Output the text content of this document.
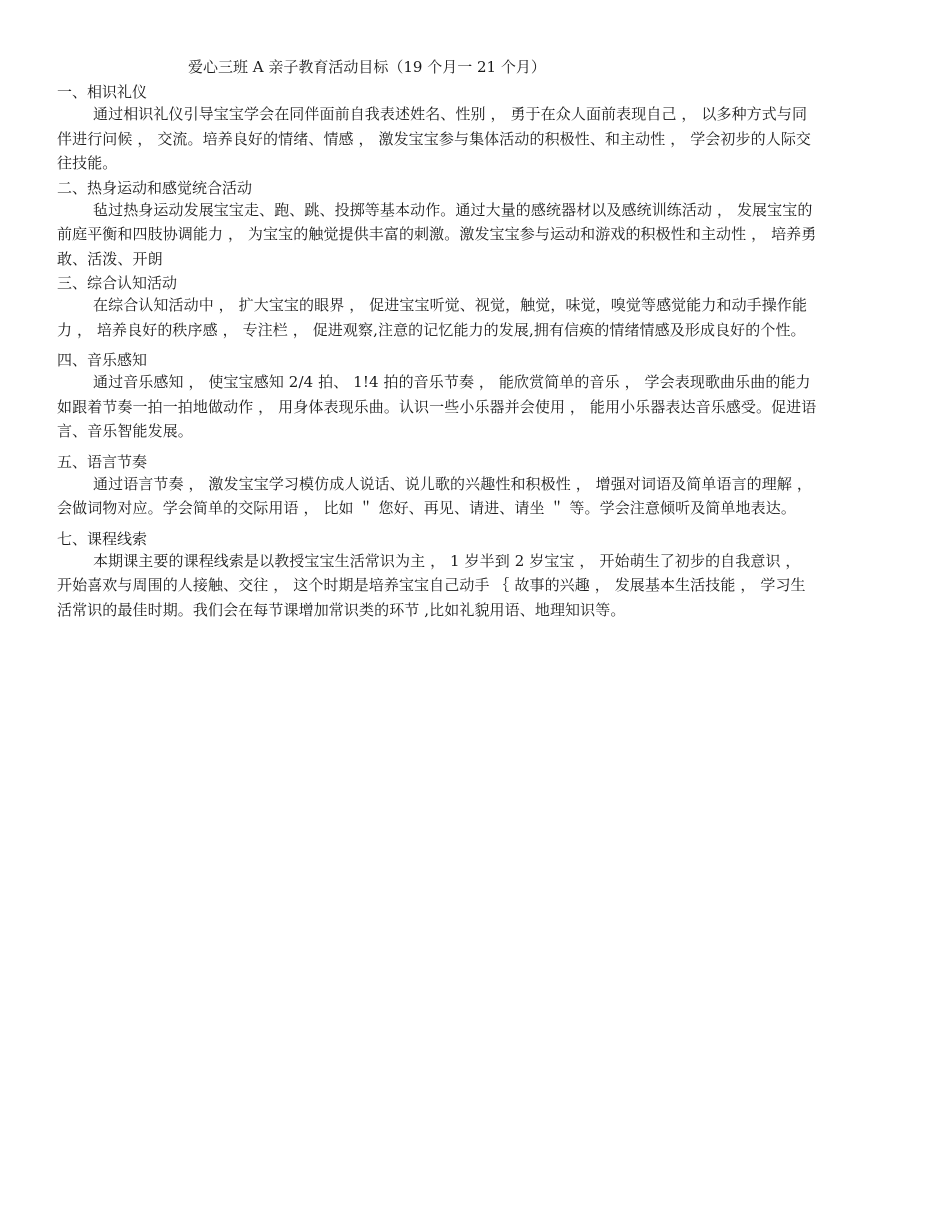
爱心三班 A 亲子教育活动目标（19 个月一 21 个月）
一、相识礼仪

通过相识礼仪引导宝宝学会在同伴面前自我表述姓名、性别 ， 勇于在众人面前表现自己 ， 以多种方式与同伴进行问候 ， 交流。培养良好的情绪、情感 ， 激发宝宝参与集体活动的积极性、和主动性 ， 学会初步的人际交往技能。

二、热身运动和感觉统合活动

毡过热身运动发展宝宝走、跑、跳、投掷等基本动作。通过大量的感统器材以及感统训练活动 ， 发展宝宝的前庭平衡和四肢协调能力 ， 为宝宝的触觉提供丰富的刺激。激发宝宝参与运动和游戏的积极性和主动性 ， 培养勇敢、活泼、开朗

三、综合认知活动

在综合认知活动中 ， 扩大宝宝的眼界 ， 促进宝宝听觉、视觉，触觉，味觉，嗅觉等感觉能力和动手操作能力 ， 培养良好的秩序感 ， 专注栏 ， 促进观察,注意的记忆能力的发展,拥有信痪的情绪情感及形成良好的个性。

四、音乐感知

通过音乐感知 ， 使宝宝感知 2/4 拍、 1!4 拍的音乐节奏 ， 能欣赏简单的音乐 ， 学会表现歌曲乐曲的能力如跟着节奏一拍一拍地做动作 ， 用身体表现乐曲。认识一些小乐器并会使用 ， 能用小乐器表达音乐感受。促进语言、音乐智能发展。

五、语言节奏

通过语言节奏 ， 激发宝宝学习模仿成人说话、说儿歌的兴趣性和积极性 ， 增强对词语及简单语言的理解 ， 会做词物对应。学会简单的交际用语 ， 比如 ＂ 您好、再见、请进、请坐 ＂ 等。学会注意倾听及简单地表达。

七、课程线索

本期课主要的课程线索是以教授宝宝生活常识为主 ， 1 岁半到 2 岁宝宝 ， 开始萌生了初步的自我意识 ， 开始喜欢与周围的人接触、交往 ， 这个时期是培养宝宝自己动手 ｛ 故事的兴趣 ， 发展基本生活技能 ， 学习生活常识的最佳时期。我们会在每节课增加常识类的环节 ,比如礼貌用语、地理知识等。
